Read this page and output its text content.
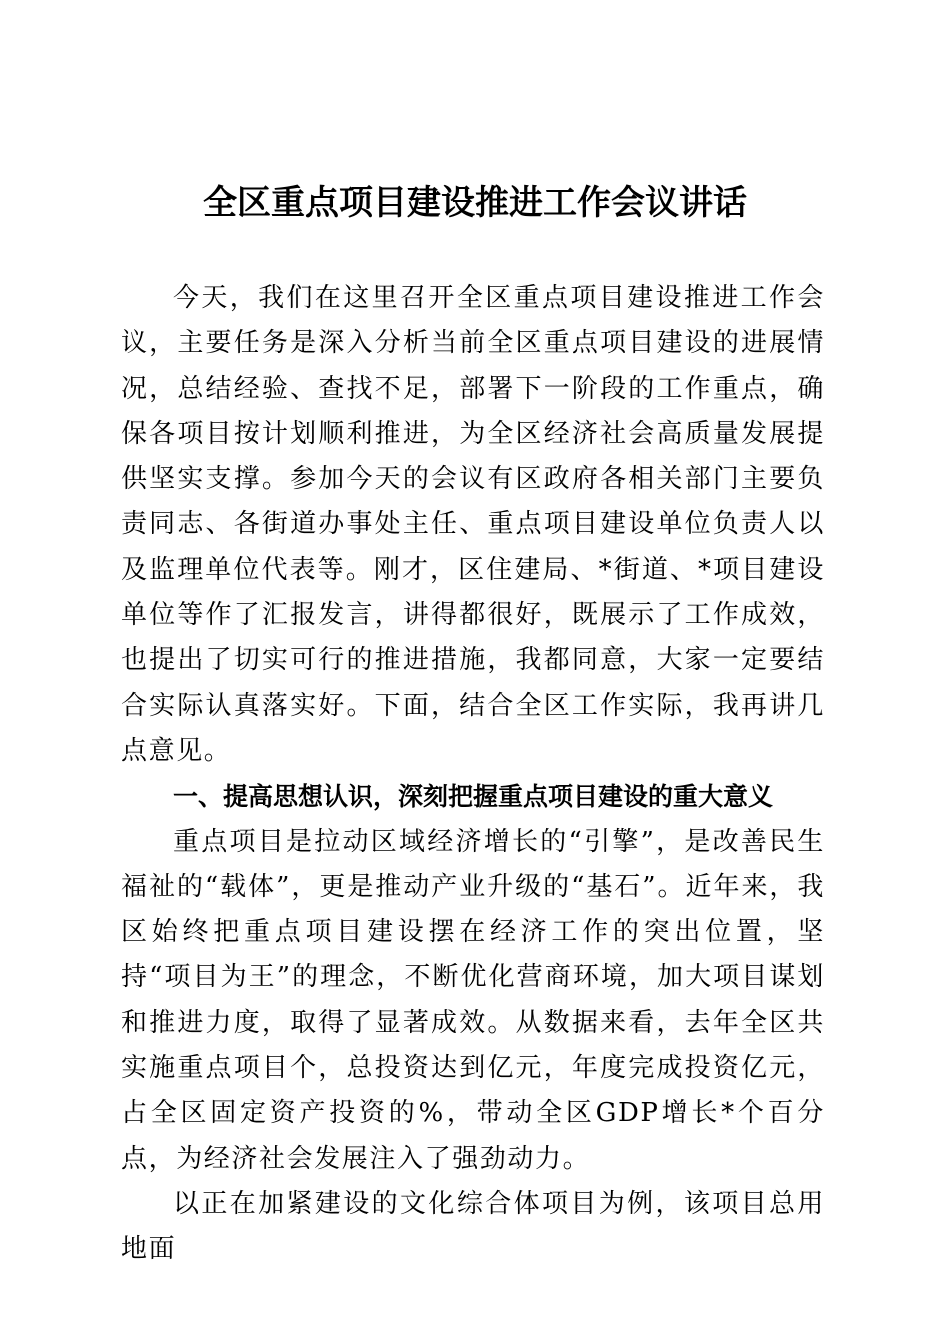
全区重点项目建设推进工作会议讲话

今天，我们在这里召开全区重点项目建设推进工作会议，主要任务是深入分析当前全区重点项目建设的进展情况，总结经验、查找不足，部署下一阶段的工作重点，确保各项目按计划顺利推进，为全区经济社会高质量发展提供坚实支撑。参加今天的会议有区政府各相关部门主要负责同志、各街道办事处主任、重点项目建设单位负责人以及监理单位代表等。刚才，区住建局、*街道、*项目建设单位等作了汇报发言，讲得都很好，既展示了工作成效，也提出了切实可行的推进措施，我都同意，大家一定要结合实际认真落实好。下面，结合全区工作实际，我再讲几点意见。

一、提高思想认识，深刻把握重点项目建设的重大意义

重点项目是拉动区域经济增长的“引擎”，是改善民生福祉的“载体”，更是推动产业升级的“基石”。近年来，我区始终把重点项目建设摆在经济工作的突出位置，坚持“项目为王”的理念，不断优化营商环境，加大项目谋划和推进力度，取得了显著成效。从数据来看，去年全区共实施重点项目个，总投资达到亿元，年度完成投资亿元，占全区固定资产投资的%，带动全区GDP增长*个百分点，为经济社会发展注入了强劲动力。

以正在加紧建设的文化综合体项目为例，该项目总用地面
